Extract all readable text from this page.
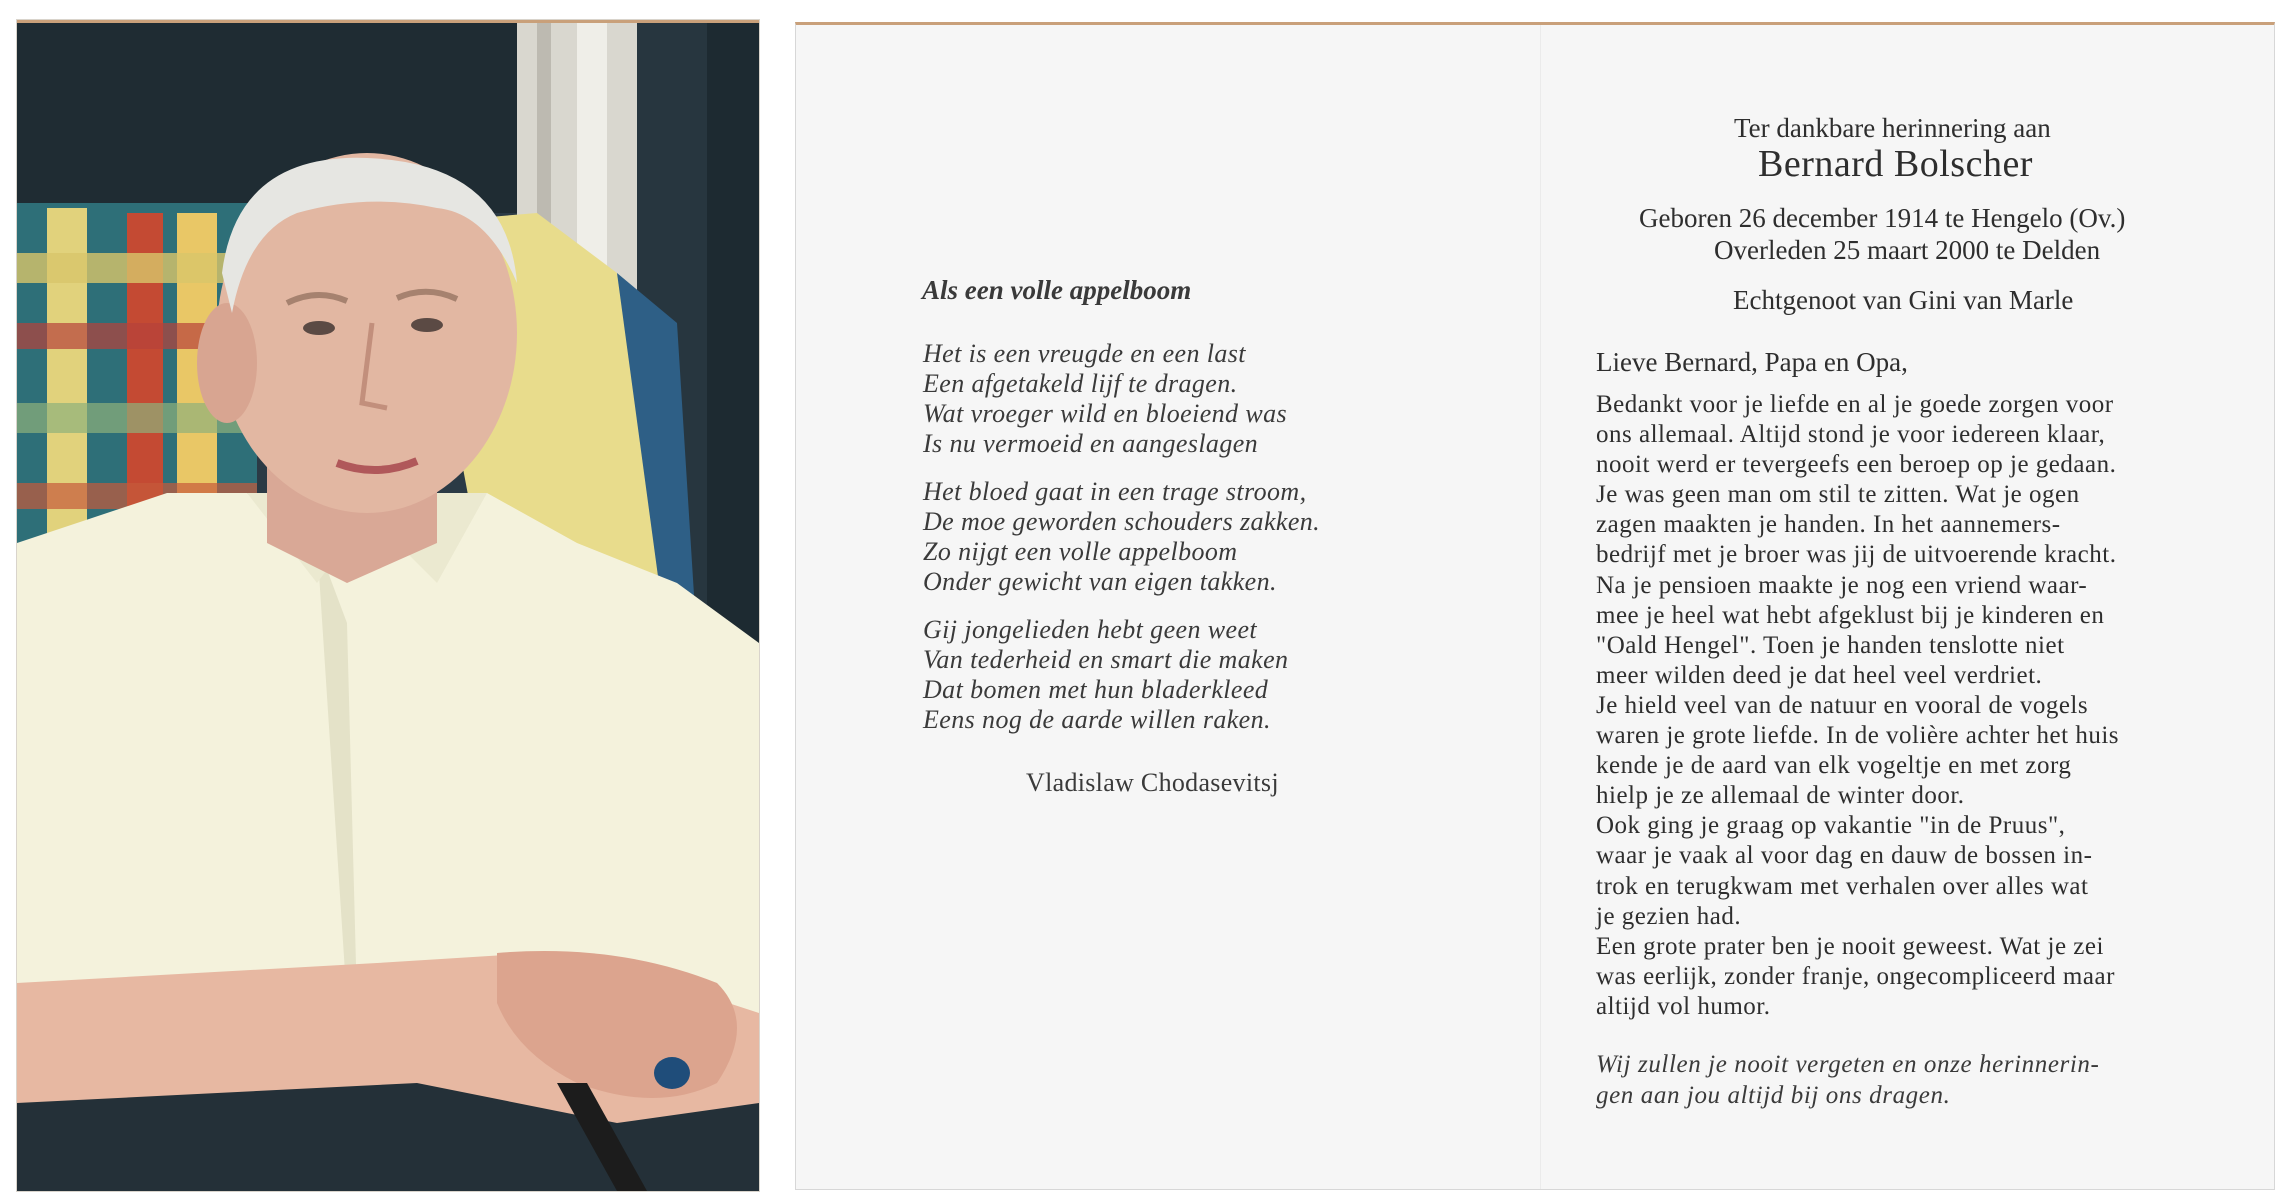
Als een volle appelboom

Het is een vreugde en een last
Een afgetakeld lijf te dragen.
Wat vroeger wild en bloeiend was
Is nu vermoeid en aangeslagen
Het bloed gaat in een trage stroom,
De moe geworden schouders zakken.
Zo nijgt een volle appelboom
Onder gewicht van eigen takken.
Gij jongelieden hebt geen weet
Van tederheid en smart die maken
Dat bomen met hun bladerkleed
Eens nog de aarde willen raken.

Vladislaw Chodasevitsj

Ter dankbare herinnering aan

Bernard Bolscher

Geboren 26 december 1914 te Hengelo (Ov.)

Overleden 25 maart 2000 te Delden

Echtgenoot van Gini van Marle

Lieve Bernard, Papa en Opa,

Bedankt voor je liefde en al je goede zorgen voor
ons allemaal. Altijd stond je voor iedereen klaar,
nooit werd er tevergeefs een beroep op je gedaan.
Je was geen man om stil te zitten. Wat je ogen
zagen maakten je handen. In het aannemers-
bedrijf met je broer was jij de uitvoerende kracht.
Na je pensioen maakte je nog een vriend waar-
mee je heel wat hebt afgeklust bij je kinderen en
"Oald Hengel". Toen je handen tenslotte niet
meer wilden deed je dat heel veel verdriet.
Je hield veel van de natuur en vooral de vogels
waren je grote liefde. In de volière achter het huis
kende je de aard van elk vogeltje en met zorg
hielp je ze allemaal de winter door.
Ook ging je graag op vakantie "in de Pruus",
waar je vaak al voor dag en dauw de bossen in-
trok en terugkwam met verhalen over alles wat
je gezien had.
Een grote prater ben je nooit geweest. Wat je zei
was eerlijk, zonder franje, ongecompliceerd maar
altijd vol humor.
Wij zullen je nooit vergeten en onze herinnerin-
gen aan jou altijd bij ons dragen.
